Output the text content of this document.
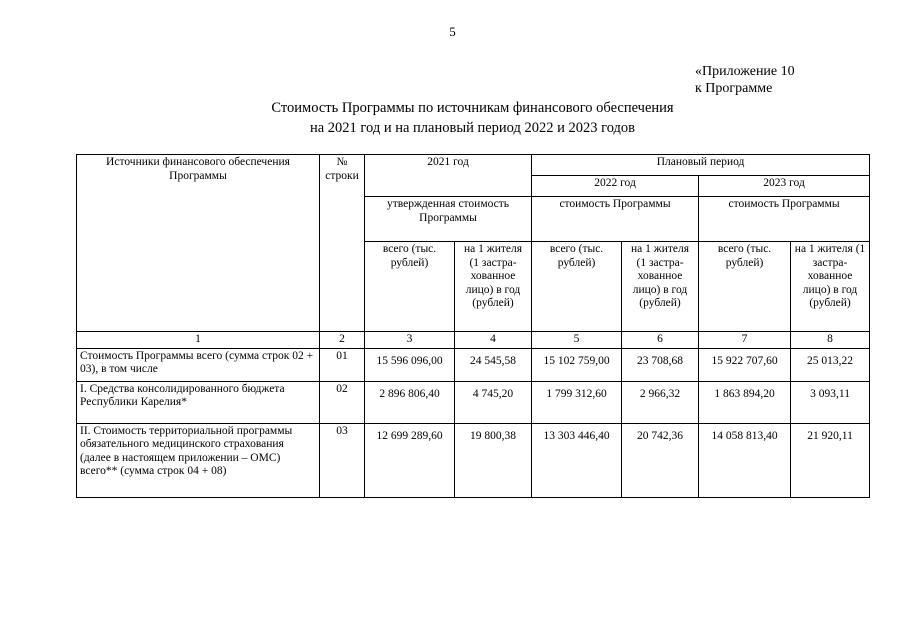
5
«Приложение 10
к Программе
Стоимость Программы по источникам финансового обеспечения
на 2021 год и на плановый период 2022 и 2023 годов
Источники финансового обеспечения Программы	№ строки	2021 год		Плановый период			
				2022 год		2023 год	
		утвержденная стоимость Программы		стоимость Программы		стоимость Программы	
		всего (тыс. рублей)	на 1 жителя (1 застра-хованное лицо) в год (рублей)	всего (тыс. рублей)	на 1 жителя (1 застра-хованное лицо) в год (рублей)	всего (тыс. рублей)	на 1 жителя (1 застра-хованное лицо) в год (рублей)
1	2	3	4	5	6	7	8
Стоимость Программы всего (сумма строк 02 + 03), в том числе	01	15 596 096,00	24 545,58	15 102 759,00	23 708,68	15 922 707,60	25 013,22
I. Средства консолидированного бюджета Республики Карелия*	02	2 896 806,40	4 745,20	1 799 312,60	2 966,32	1 863 894,20	3 093,11
II. Стоимость территориальной программы обязательного медицинского страхования (далее в настоящем приложении – ОМС) всего** (сумма строк 04 + 08)	03	12 699 289,60	19 800,38	13 303 446,40	20 742,36	14 058 813,40	21 920,11
